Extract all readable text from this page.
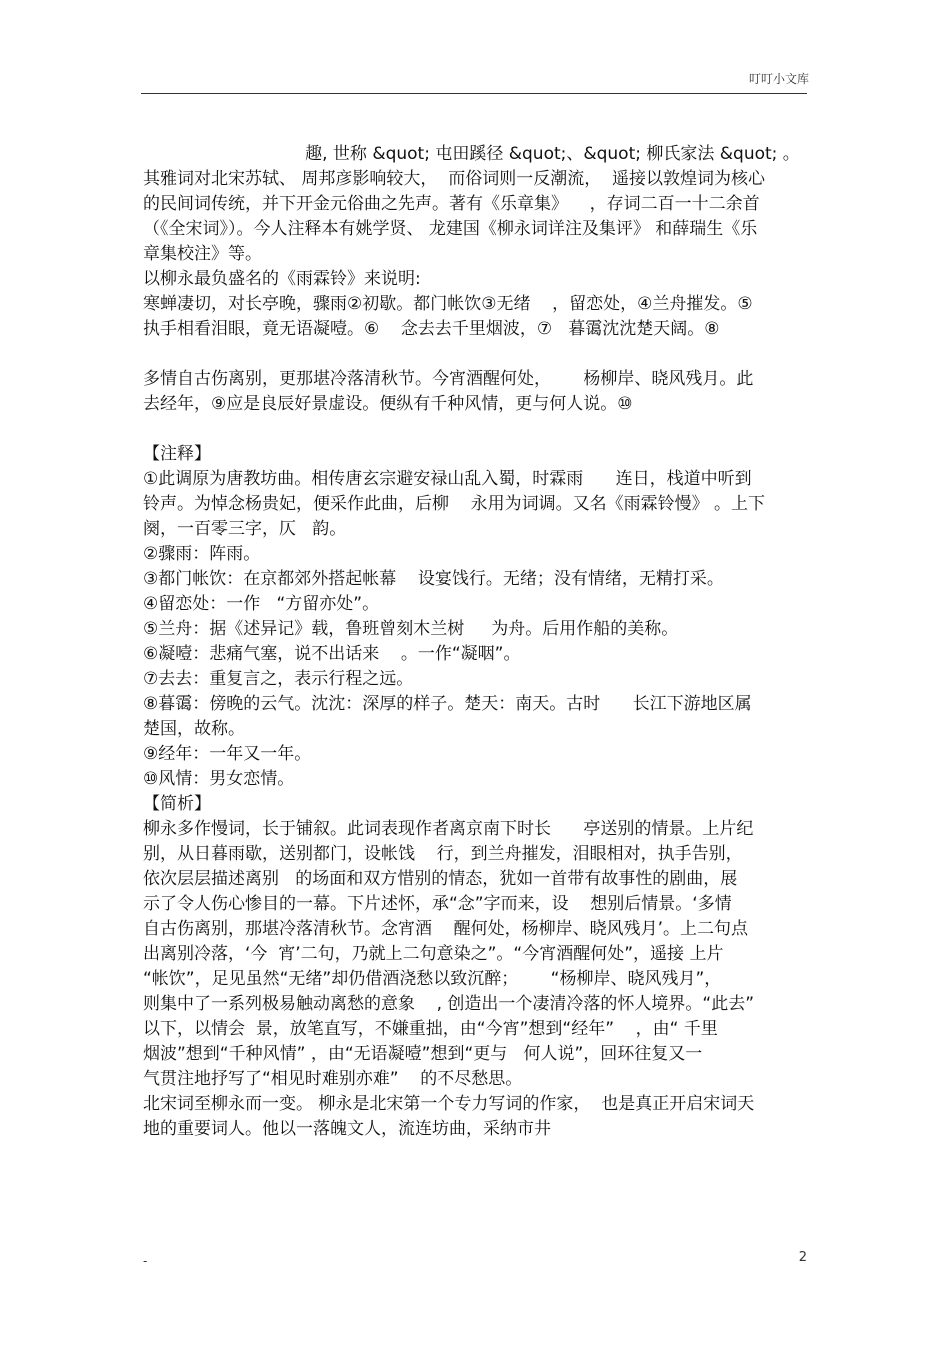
叮叮小文库
趣, 世称 &quot; 屯田蹊径 &quot;、&quot; 柳氏家法 &quot; 。
其雅词对北宋苏轼、 周邦彦影响较大，  而俗词则一反潮流，  遥接以敦煌词为核心
的民间词传统，并下开金元俗曲之先声。著有《乐章集》    ，存词二百一十二余首
（《全宋词》）。今人注释本有姚学贤、 龙建国《柳永词详注及集评》 和薛瑞生《乐
章集校注》等。
以柳永最负盛名的《雨霖铃》来说明:
寒蝉凄切，对长亭晚，骤雨②初歇。都门帐饮③无绪    ，留恋处，④兰舟摧发。⑤
执手相看泪眼，竟无语凝噎。⑥    念去去千里烟波，⑦   暮霭沈沈楚天阔。⑧
多情自古伤离别，更那堪冷落清秋节。今宵酒醒何处，      杨柳岸、晓风残月。此
去经年，⑨应是良辰好景虚设。便纵有千种风情，更与何人说。⑩
【注释】
①此调原为唐教坊曲。相传唐玄宗避安禄山乱入蜀，时霖雨      连日，栈道中听到
铃声。为悼念杨贵妃，便采作此曲，后柳    永用为词调。又名《雨霖铃慢》 。上下
阕，一百零三字，仄   韵。
②骤雨：阵雨。
③都门帐饮：在京都郊外搭起帐幕    设宴饯行。无绪；没有情绪，无精打采。
④留恋处：一作   “方留亦处”。
⑤兰舟：据《述异记》载，鲁班曾刻木兰树     为舟。后用作船的美称。
⑥凝噎：悲痛气塞，说不出话来    。一作“凝咽”。
⑦去去：重复言之，表示行程之远。
⑧暮霭：傍晚的云气。沈沈：深厚的样子。楚天：南天。古时      长江下游地区属
楚国，故称。
⑨经年：一年又一年。
⑩风情：男女恋情。
【简析】
柳永多作慢词，长于铺叙。此词表现作者离京南下时长      亭送别的情景。上片纪
别，从日暮雨歇，送别都门，设帐饯    行，到兰舟摧发，泪眼相对，执手告别，
依次层层描述离别   的场面和双方惜别的情态，犹如一首带有故事性的剧曲，展
示了令人伤心惨目的一幕。下片述怀，承“念”字而来，设    想别后情景。‘多情
自古伤离别，那堪冷落清秋节。念宵酒    醒何处，杨柳岸、晓风残月’。上二句点
出离别冷落，‘今  宵’二句，乃就上二句意染之”。“今宵酒醒何处”，遥接 上片
“帐饮”，足见虽然“无绪”却仍借酒浇愁以致沉醉；      “杨柳岸、晓风残月”，
则集中了一系列极易触动离愁的意象    , 创造出一个凄清冷落的怀人境界。“此去”
以下，以情会  景，放笔直写，不嫌重拙，由“今宵”想到“经年”    ，由“ 千里
烟波”想到“千种风情” ，由“无语凝噎”想到“更与   何人说”，回环往复又一
气贯注地抒写了“相见时难别亦难”    的不尽愁思。
北宋词至柳永而一变。 柳永是北宋第一个专力写词的作家，  也是真正开启宋词天
地的重要词人。他以一落魄文人，流连坊曲，采纳市井
-	2
